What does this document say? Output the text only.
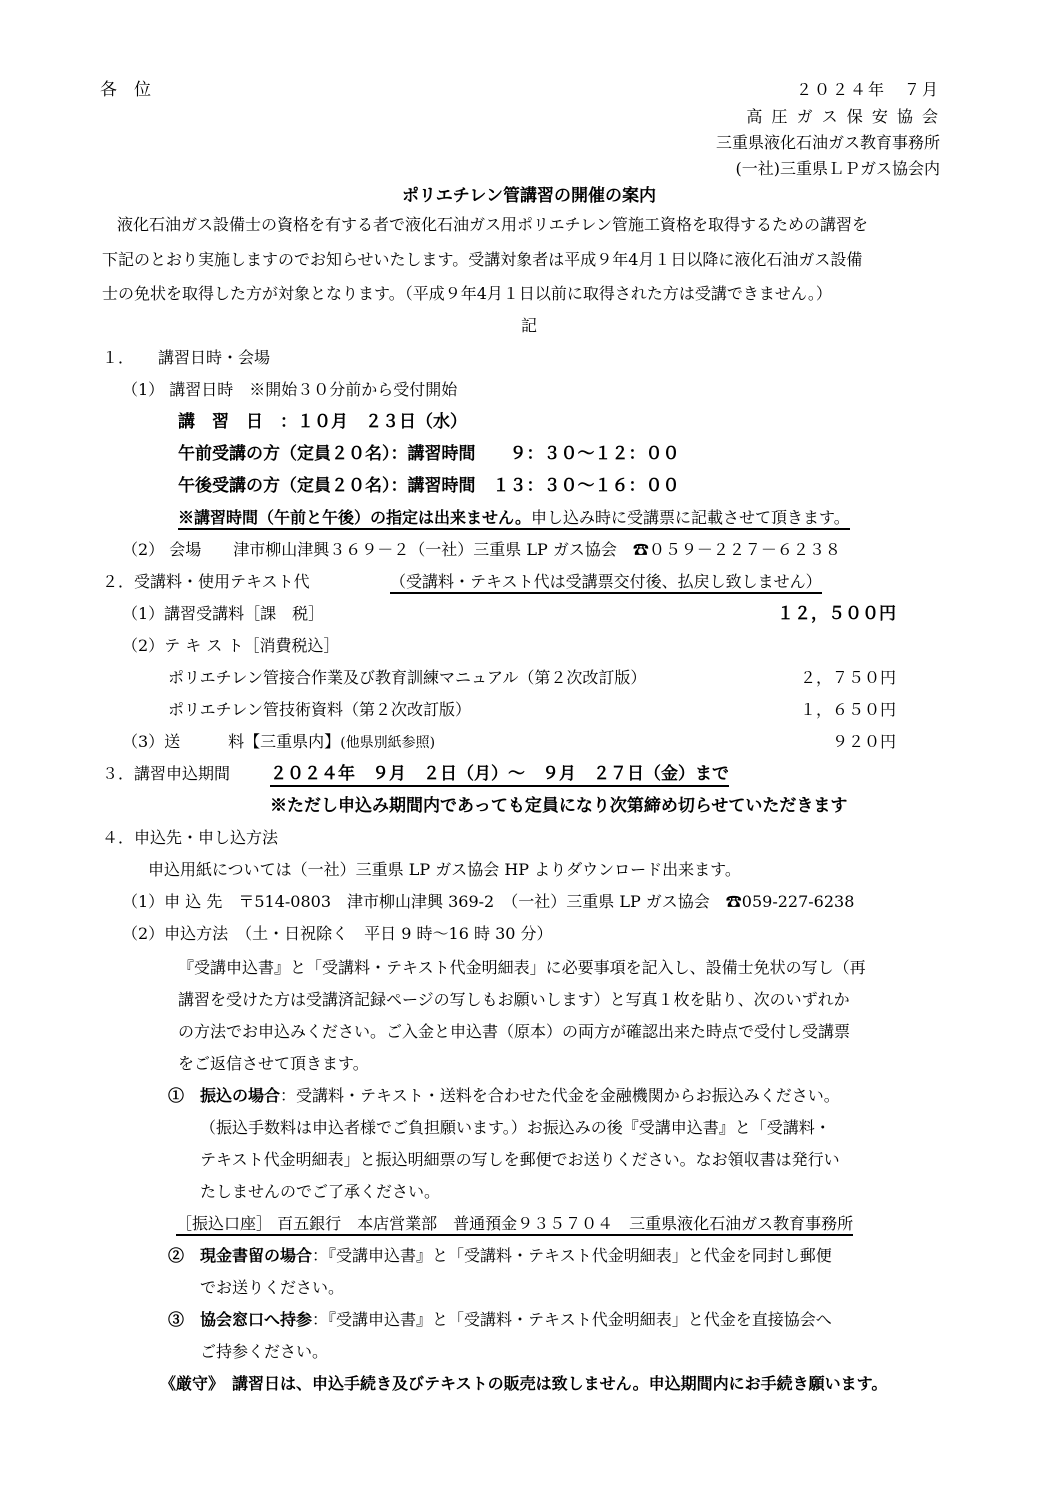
各　位	２０２４年　７月
高 圧 ガ ス 保 安 協 会
三重県液化石油ガス教育事務所
(一社)三重県ＬＰガス協会内
ポリエチレン管講習の開催の案内
液化石油ガス設備士の資格を有する者で液化石油ガス用ポリエチレン管施工資格を取得するための講習を
下記のとおり実施しますのでお知らせいたします。受講対象者は平成９年4月１日以降に液化石油ガス設備
士の免状を取得した方が対象となります。（平成９年4月１日以前に取得された方は受講できません。）
記
１．　　講習日時・会場
（1） 講習日時　※開始３０分前から受付開始
講　習　日　：１０月　２３日（水）
午前受講の方（定員２０名）：講習時間　　９：３０～１２：００
午後受講の方（定員２０名）：講習時間　１３：３０～１６：００
※講習時間（午前と午後）の指定は出来ません。申し込み時に受講票に記載させて頂きます。
（2） 会場　　津市柳山津興３６９－２（一社）三重県 LP ガス協会　☎０５９－２２７－６２３８
２．受講料・使用テキスト代	（受講料・テキスト代は受講票交付後、払戻し致しません）
（1）講習受講料［課　税］	１２，５００円
（2）テ キ ス ト［消費税込］
ポリエチレン管接合作業及び教育訓練マニュアル（第２次改訂版）	２，７５０円
ポリエチレン管技術資料（第２次改訂版）	１，６５０円
（3）送　　　料【三重県内】(他県別紙参照)	９２０円
３．講習申込期間 ２０２４年　９月　２日（月）～　９月　２７日（金）まで
※ただし申込み期間内であっても定員になり次第締め切らせていただきます
４．申込先・申し込方法
申込用紙については（一社）三重県 LP ガス協会 HP よりダウンロード出来ます。
（1）申 込 先　〒514-0803　津市柳山津興 369-2　（一社）三重県 LP ガス協会　☎059-227-6238
（2）申込方法　（土・日祝除く　平日 9 時～16 時 30 分）
『受講申込書』と「受講料・テキスト代金明細表」に必要事項を記入し、設備士免状の写し（再
講習を受けた方は受講済記録ページの写しもお願いします）と写真１枚を貼り、次のいずれか
の方法でお申込みください。ご入金と申込書（原本）の両方が確認出来た時点で受付し受講票
をご返信させて頂きます。
①　振込の場合：受講料・テキスト・送料を合わせた代金を金融機関からお振込みください。
（振込手数料は申込者様でご負担願います。）お振込みの後『受講申込書』と「受講料・
テキスト代金明細表」と振込明細票の写しを郵便でお送りください。なお領収書は発行い
たしませんのでご了承ください。
［振込口座］ 百五銀行　本店営業部　普通預金９３５７０４　三重県液化石油ガス教育事務所
②　現金書留の場合：『受講申込書』と「受講料・テキスト代金明細表」と代金を同封し郵便
でお送りください。
③　協会窓口へ持参：『受講申込書』と「受講料・テキスト代金明細表」と代金を直接協会へ
ご持参ください。
《厳守》　講習日は、申込手続き及びテキストの販売は致しません。申込期間内にお手続き願います。
